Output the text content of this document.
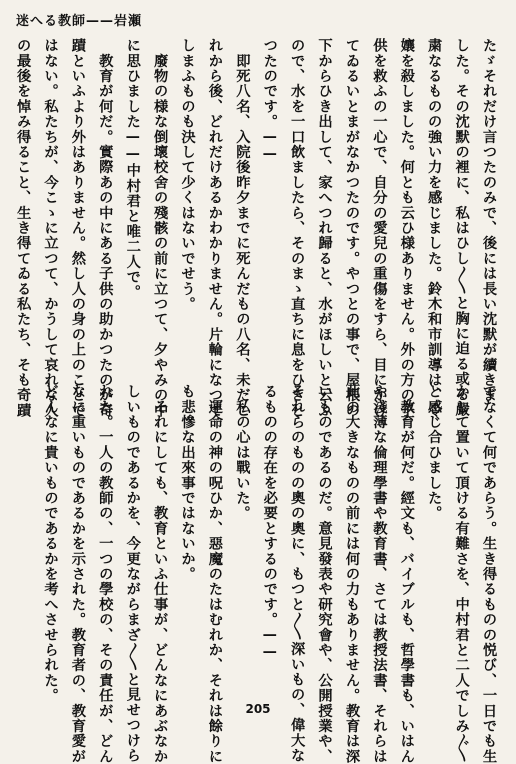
迷へる教師——岩瀬
たゞそれだけ言つたのみで、後には長い沈默が續きま
した。その沈默の裡に、私はひし〳〵と胸に迫る或る嚴
粛なるものの強い力を感じました。鈴木和市訓導は、令
孃を殺しました。何とも云ひ様ありません。外の方の子
供を救ふの一心で、自分の愛兒の重傷をすら、目にかけ
てゐるいとまがなかつたのです。やつとの事で、屋根の
下からひき出して、家へつれ歸ると、水がほしいと云ふ
ので、水を一口飲ましたら、そのまゝ直ちに息をひきと
つたのです。——
　即死八名、入院後昨夕までに死んだもの八名、未だこ
れから後、どれだけあるかわかりません。片輪になつて
しまふものも決して少くはないでせう。
　廢物の様な倒壞校舍の殘骸の前に立つて、夕やみの中
に思ひました——中村君と唯二人で。
　教育が何だ。實際あの中にある子供の助かつたのが奇
蹟といふより外はありません。然し人の身の上のことで
はない。私たちが、今こゝに立つて、かうして哀れな人
の最後を悼み得ること、生き得てゐる私たち、そも奇蹟
でなくて何であらう。生き得るものの悦び、一日でも生
かして置いて頂ける有難さを、中村君と二人でしみ〴〵
と感じ合ひました。
　教育が何だ。經文も、バイブルも、哲學書も、いはん
や淺薄な倫理學書や教育書、さては教授法書、それらは
此の大きなものの前には何の力もありません。教育は深
いものであるのだ。意見發表や研究會や、公開授業や、
それらのものの奧の奧に、もつと〳〵深いもの、偉大な
るものの存在を必要とするのです。——
　私の心は戰いた。
　運命の神の呪ひか、惡魔のたはむれか、それは餘りに
も悲慘な出來事ではないか。
　それにしても、教育といふ仕事が、どんなにあぶなか
しいものであるかを、今更ながらまざ〳〵と見せつけら
れた。一人の教師の、一つの學校の、その責任が、どん
なに重いものであるかを示された。教育者の、教育愛が
どんなに貴いものであるかを考へさせられた。
205
